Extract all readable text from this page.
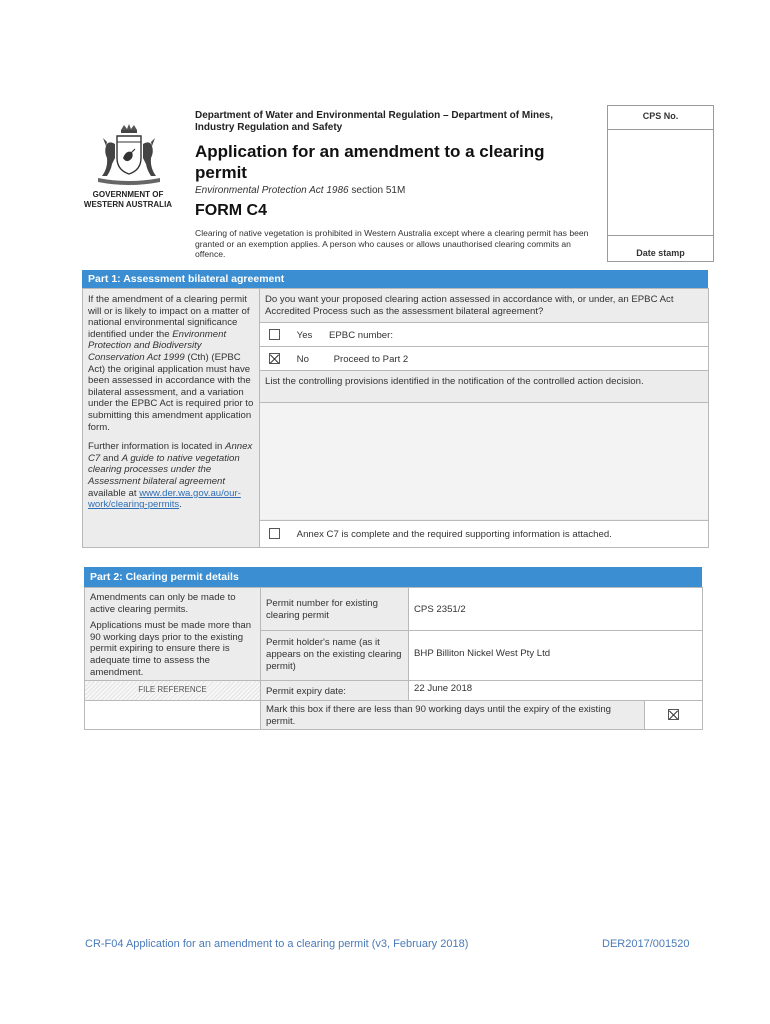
GOVERNMENT OF
WESTERN AUSTRALIA
Department of Water and Environmental Regulation – Department of Mines, Industry Regulation and Safety
Application for an amendment to a clearing permit
Environmental Protection Act 1986 section 51M
FORM C4
Clearing of native vegetation is prohibited in Western Australia except where a clearing permit has been granted or an exemption applies. A person who causes or allows unauthorised clearing commits an offence.
CPS No.
Date stamp
Part 1: Assessment bilateral agreement

If the amendment of a clearing permit will or is likely to impact on a matter of national environmental significance identified under the Environment Protection and Biodiversity Conservation Act 1999 (Cth) (EPBC Act) the original application must have been assessed in accordance with the bilateral assessment, and a variation under the EPBC Act is required prior to submitting this amendment application form.

Further information is located in Annex C7 and A guide to native vegetation clearing processes under the Assessment bilateral agreement available at www.der.wa.gov.au/our-work/clearing-permits.

	Do you want your proposed clearing action assessed in accordance with, or under, an EPBC Act Accredited Process such as the assessment bilateral agreement?
Yes EPBC number:
No	Proceed to Part 2

List the controlling provisions identified in the notification of the controlled action decision.

Annex C7 is complete and the required supporting information is attached.
Part 2: Clearing permit details
Amendments can only be made to active clearing permits.
Applications must be made more than 90 working days prior to the existing permit expiring to ensure there is adequate time to assess the amendment.	Permit number for existing clearing permit	CPS 2351/2	
	Permit holder's name (as it appears on the existing clearing permit)	BHP Billiton Nickel West Pty Ltd	
FILE REFERENCE	Permit expiry date:	22 June 2018	
	Mark this box if there are less than 90 working days until the expiry of the existing permit.		
CR-F04 Application for an amendment to a clearing permit (v3, February 2018)	DER2017/001520
